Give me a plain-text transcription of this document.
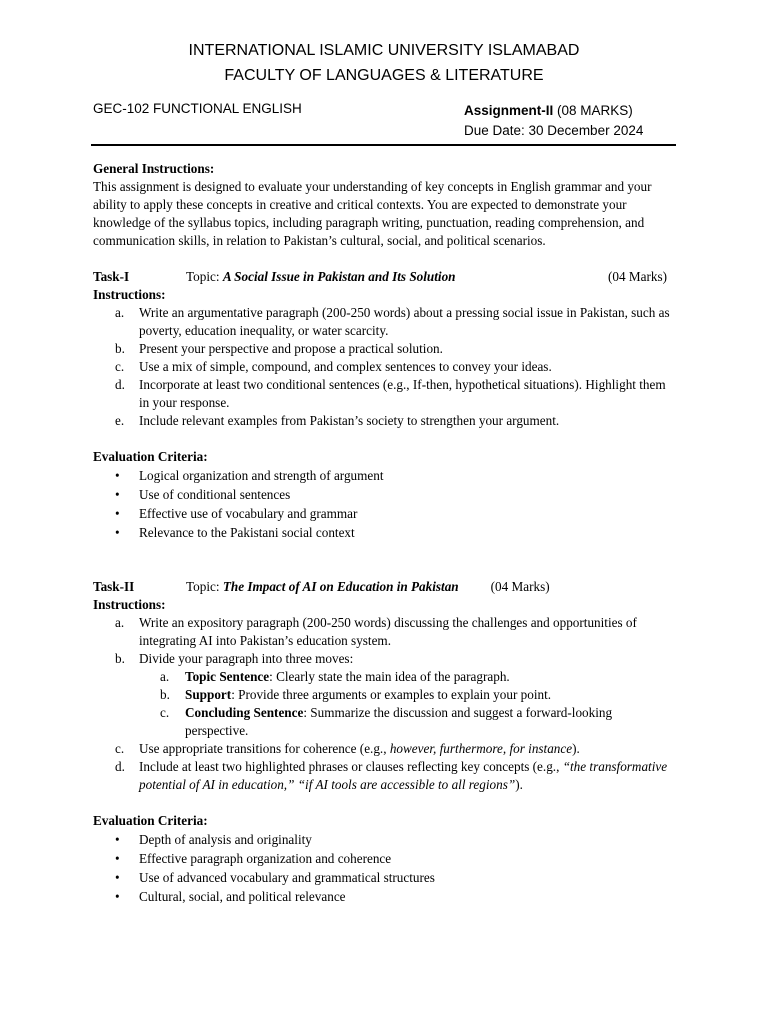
INTERNATIONAL ISLAMIC UNIVERSITY ISLAMABAD
FACULTY OF LANGUAGES & LITERATURE
GEC-102 FUNCTIONAL ENGLISH	Assignment-II (08 MARKS)
Due Date: 30 December 2024

General Instructions:

This assignment is designed to evaluate your understanding of key concepts in English grammar and your ability to apply these concepts in creative and critical contexts. You are expected to demonstrate your knowledge of the syllabus topics, including paragraph writing, punctuation, reading comprehension, and communication skills, in relation to Pakistan’s cultural, social, and political scenarios.

Task-I	Topic: A Social Issue in Pakistan and Its Solution	(04 Marks)

Instructions:

a. Write an argumentative paragraph (200-250 words) about a pressing social issue in Pakistan, such as poverty, education inequality, or water scarcity.
b. Present your perspective and propose a practical solution.
c. Use a mix of simple, compound, and complex sentences to convey your ideas.
d. Incorporate at least two conditional sentences (e.g., If-then, hypothetical situations). Highlight them in your response.
e. Include relevant examples from Pakistan’s society to strengthen your argument.

Evaluation Criteria:

• Logical organization and strength of argument
• Use of conditional sentences
• Effective use of vocabulary and grammar
• Relevance to the Pakistani social context
Task-II	Topic: The Impact of AI on Education in Pakistan (04 Marks)

Instructions:

a. Write an expository paragraph (200-250 words) discussing the challenges and opportunities of integrating AI into Pakistan’s education system.
b. Divide your paragraph into three moves:
a. Topic Sentence: Clearly state the main idea of the paragraph.
b. Support: Provide three arguments or examples to explain your point.
c. Concluding Sentence: Summarize the discussion and suggest a forward-looking perspective.
c. Use appropriate transitions for coherence (e.g., however, furthermore, for instance).
d. Include at least two highlighted phrases or clauses reflecting key concepts (e.g., “the transformative potential of AI in education,” “if AI tools are accessible to all regions”).

Evaluation Criteria:

• Depth of analysis and originality
• Effective paragraph organization and coherence
• Use of advanced vocabulary and grammatical structures
• Cultural, social, and political relevance
